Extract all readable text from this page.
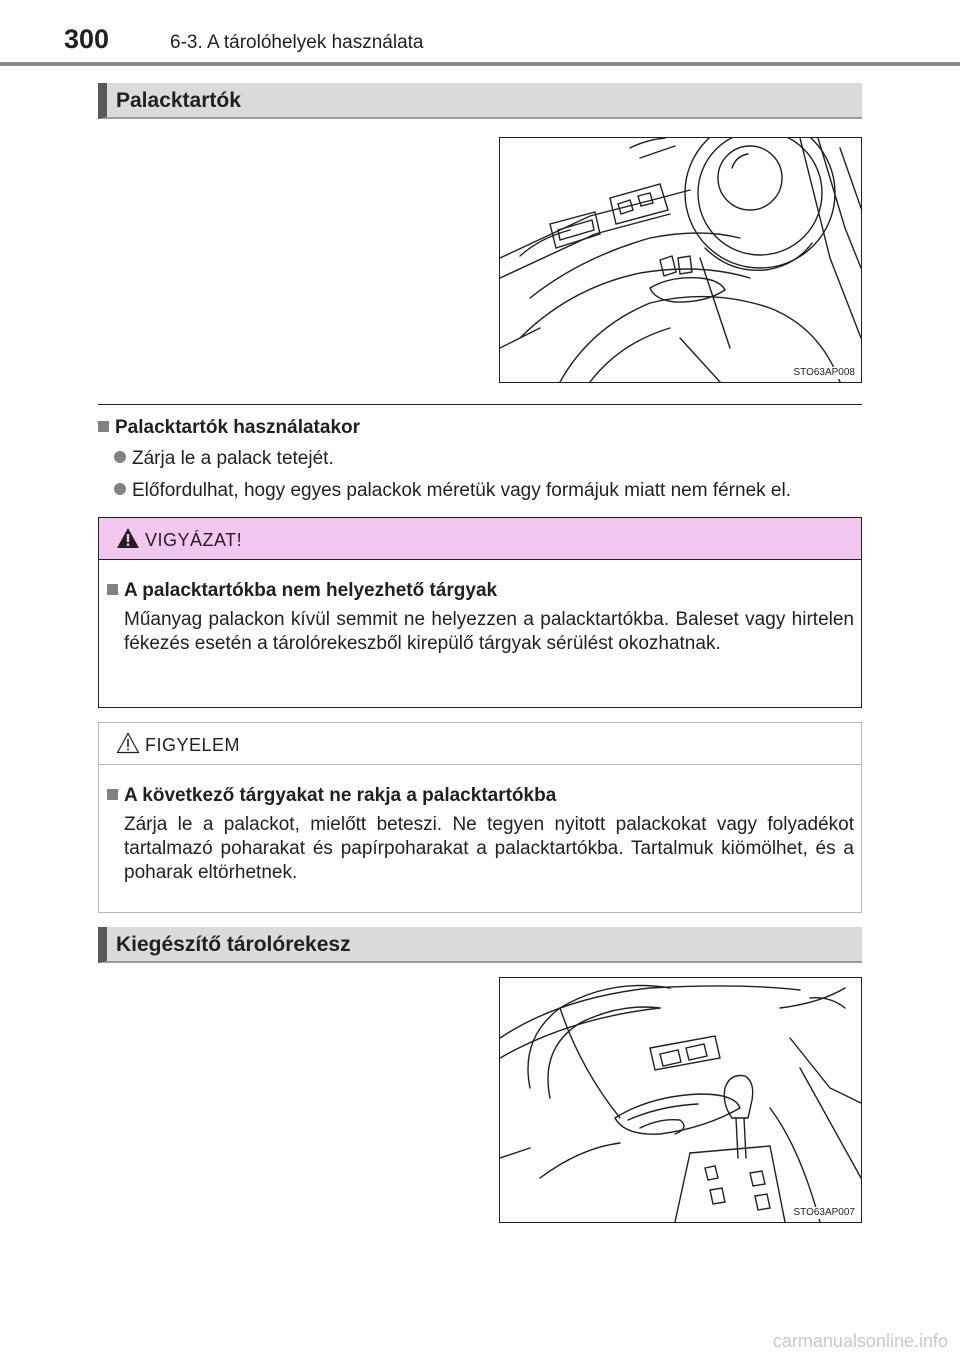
300	6-3. A tárolóhelyek használata
Palacktartók
STO63AP008
Palacktartók használatakor
Zárja le a palack tetejét.
Előfordulhat, hogy egyes palackok méretük vagy formájuk miatt nem férnek el.
VIGYÁZAT!
A palacktartókba nem helyezhető tárgyak
Műanyag palackon kívül semmit ne helyezzen a palacktartókba. Baleset vagy hirtelen fékezés esetén a tárolórekeszből kirepülő tárgyak sérülést okozhatnak.
FIGYELEM
A következő tárgyakat ne rakja a palacktartókba
Zárja le a palackot, mielőtt beteszi. Ne tegyen nyitott palackokat vagy folyadékot tartalmazó poharakat és papírpoharakat a palacktartókba. Tartalmuk kiömölhet, és a poharak eltörhetnek.
Kiegészítő tárolórekesz
STO63AP007
carmanualsonline.info
